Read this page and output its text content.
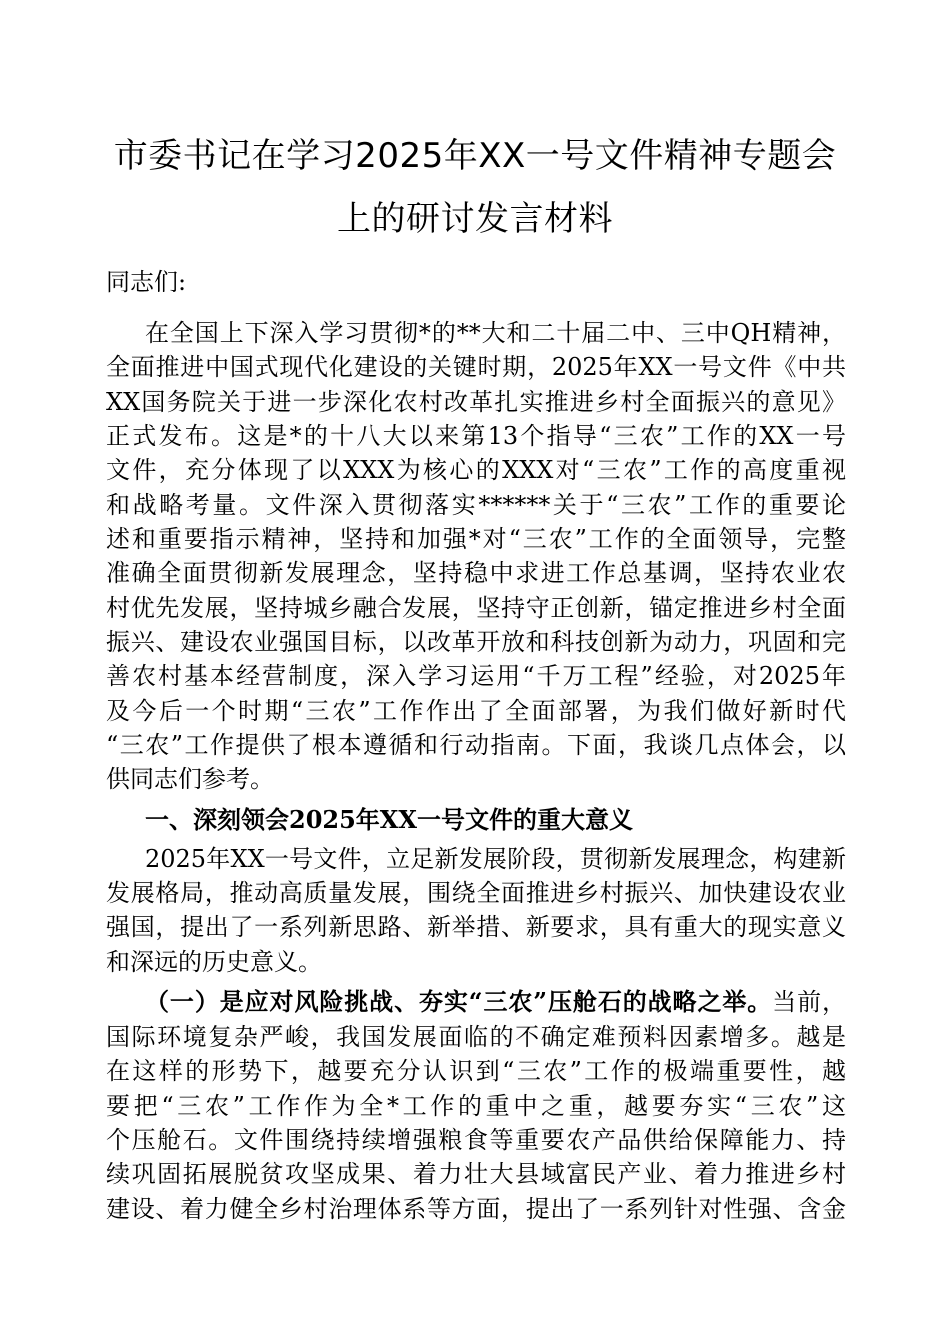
市委书记在学习2025年XX一号文件精神专题会
上的研讨发言材料
同志们:
在全国上下深入学习贯彻*的**大和二十届二中、三中QH精神，
全面推进中国式现代化建设的关键时期，2025年XX一号文件《中共
XX国务院关于进一步深化农村改革扎实推进乡村全面振兴的意见》
正式发布。这是*的十八大以来第13个指导“三农”工作的XX一号
文件，充分体现了以XXX为核心的XXX对“三农”工作的高度重视
和战略考量。文件深入贯彻落实******关于“三农”工作的重要论
述和重要指示精神，坚持和加强*对“三农”工作的全面领导，完整
准确全面贯彻新发展理念，坚持稳中求进工作总基调，坚持农业农
村优先发展，坚持城乡融合发展，坚持守正创新，锚定推进乡村全面
振兴、建设农业强国目标，以改革开放和科技创新为动力，巩固和完
善农村基本经营制度，深入学习运用“千万工程”经验，对2025年
及今后一个时期“三农”工作作出了全面部署，为我们做好新时代
“三农”工作提供了根本遵循和行动指南。下面，我谈几点体会，以
供同志们参考。
一、深刻领会2025年XX一号文件的重大意义
2025年XX一号文件，立足新发展阶段，贯彻新发展理念，构建新
发展格局，推动高质量发展，围绕全面推进乡村振兴、加快建设农业
强国，提出了一系列新思路、新举措、新要求，具有重大的现实意义
和深远的历史意义。
（一）是应对风险挑战、夯实“三农”压舱石的战略之举。当前，
国际环境复杂严峻，我国发展面临的不确定难预料因素增多。越是
在这样的形势下，越要充分认识到“三农”工作的极端重要性，越
要把“三农”工作作为全*工作的重中之重，越要夯实“三农”这
个压舱石。文件围绕持续增强粮食等重要农产品供给保障能力、持
续巩固拓展脱贫攻坚成果、着力壮大县域富民产业、着力推进乡村
建设、着力健全乡村治理体系等方面，提出了一系列针对性强、含金
